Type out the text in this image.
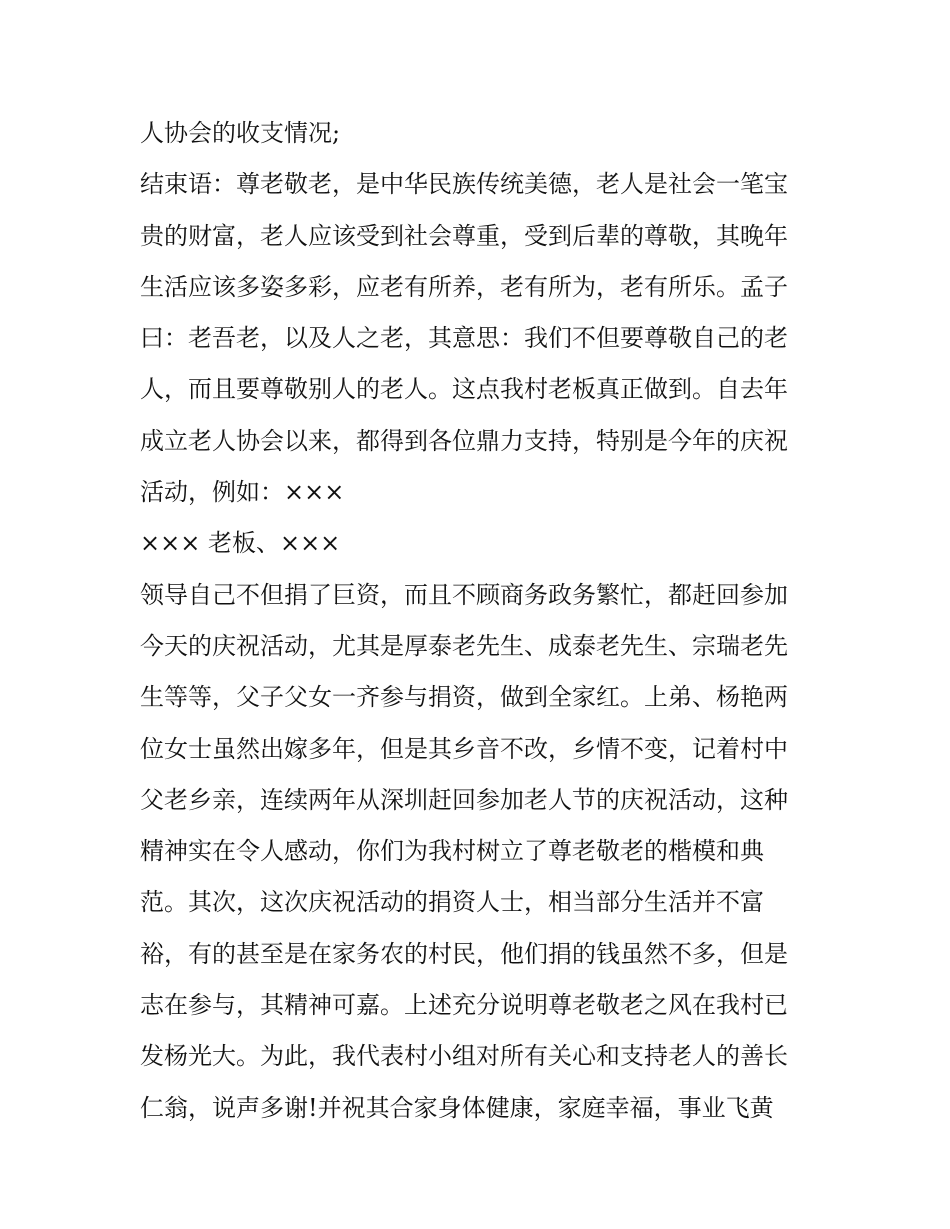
人协会的收支情况;
结束语：尊老敬老，是中华民族传统美德，老人是社会一笔宝
贵的财富，老人应该受到社会尊重，受到后辈的尊敬，其晚年
生活应该多姿多彩，应老有所养，老有所为，老有所乐。孟子
曰：老吾老，以及人之老，其意思：我们不但要尊敬自己的老
人，而且要尊敬别人的老人。这点我村老板真正做到。自去年
成立老人协会以来，都得到各位鼎力支持，特别是今年的庆祝
活动，例如：×××
××× 老板、×××
领导自己不但捐了巨资，而且不顾商务政务繁忙，都赶回参加
今天的庆祝活动，尤其是厚泰老先生、成泰老先生、宗瑞老先
生等等，父子父女一齐参与捐资，做到全家红。上弟、杨艳两
位女士虽然出嫁多年，但是其乡音不改，乡情不变，记着村中
父老乡亲，连续两年从深圳赶回参加老人节的庆祝活动，这种
精神实在令人感动，你们为我村树立了尊老敬老的楷模和典
范。其次，这次庆祝活动的捐资人士，相当部分生活并不富
裕，有的甚至是在家务农的村民，他们捐的钱虽然不多，但是
志在参与，其精神可嘉。上述充分说明尊老敬老之风在我村已
发杨光大。为此，我代表村小组对所有关心和支持老人的善长
仁翁，说声多谢!并祝其合家身体健康，家庭幸福，事业飞黄
